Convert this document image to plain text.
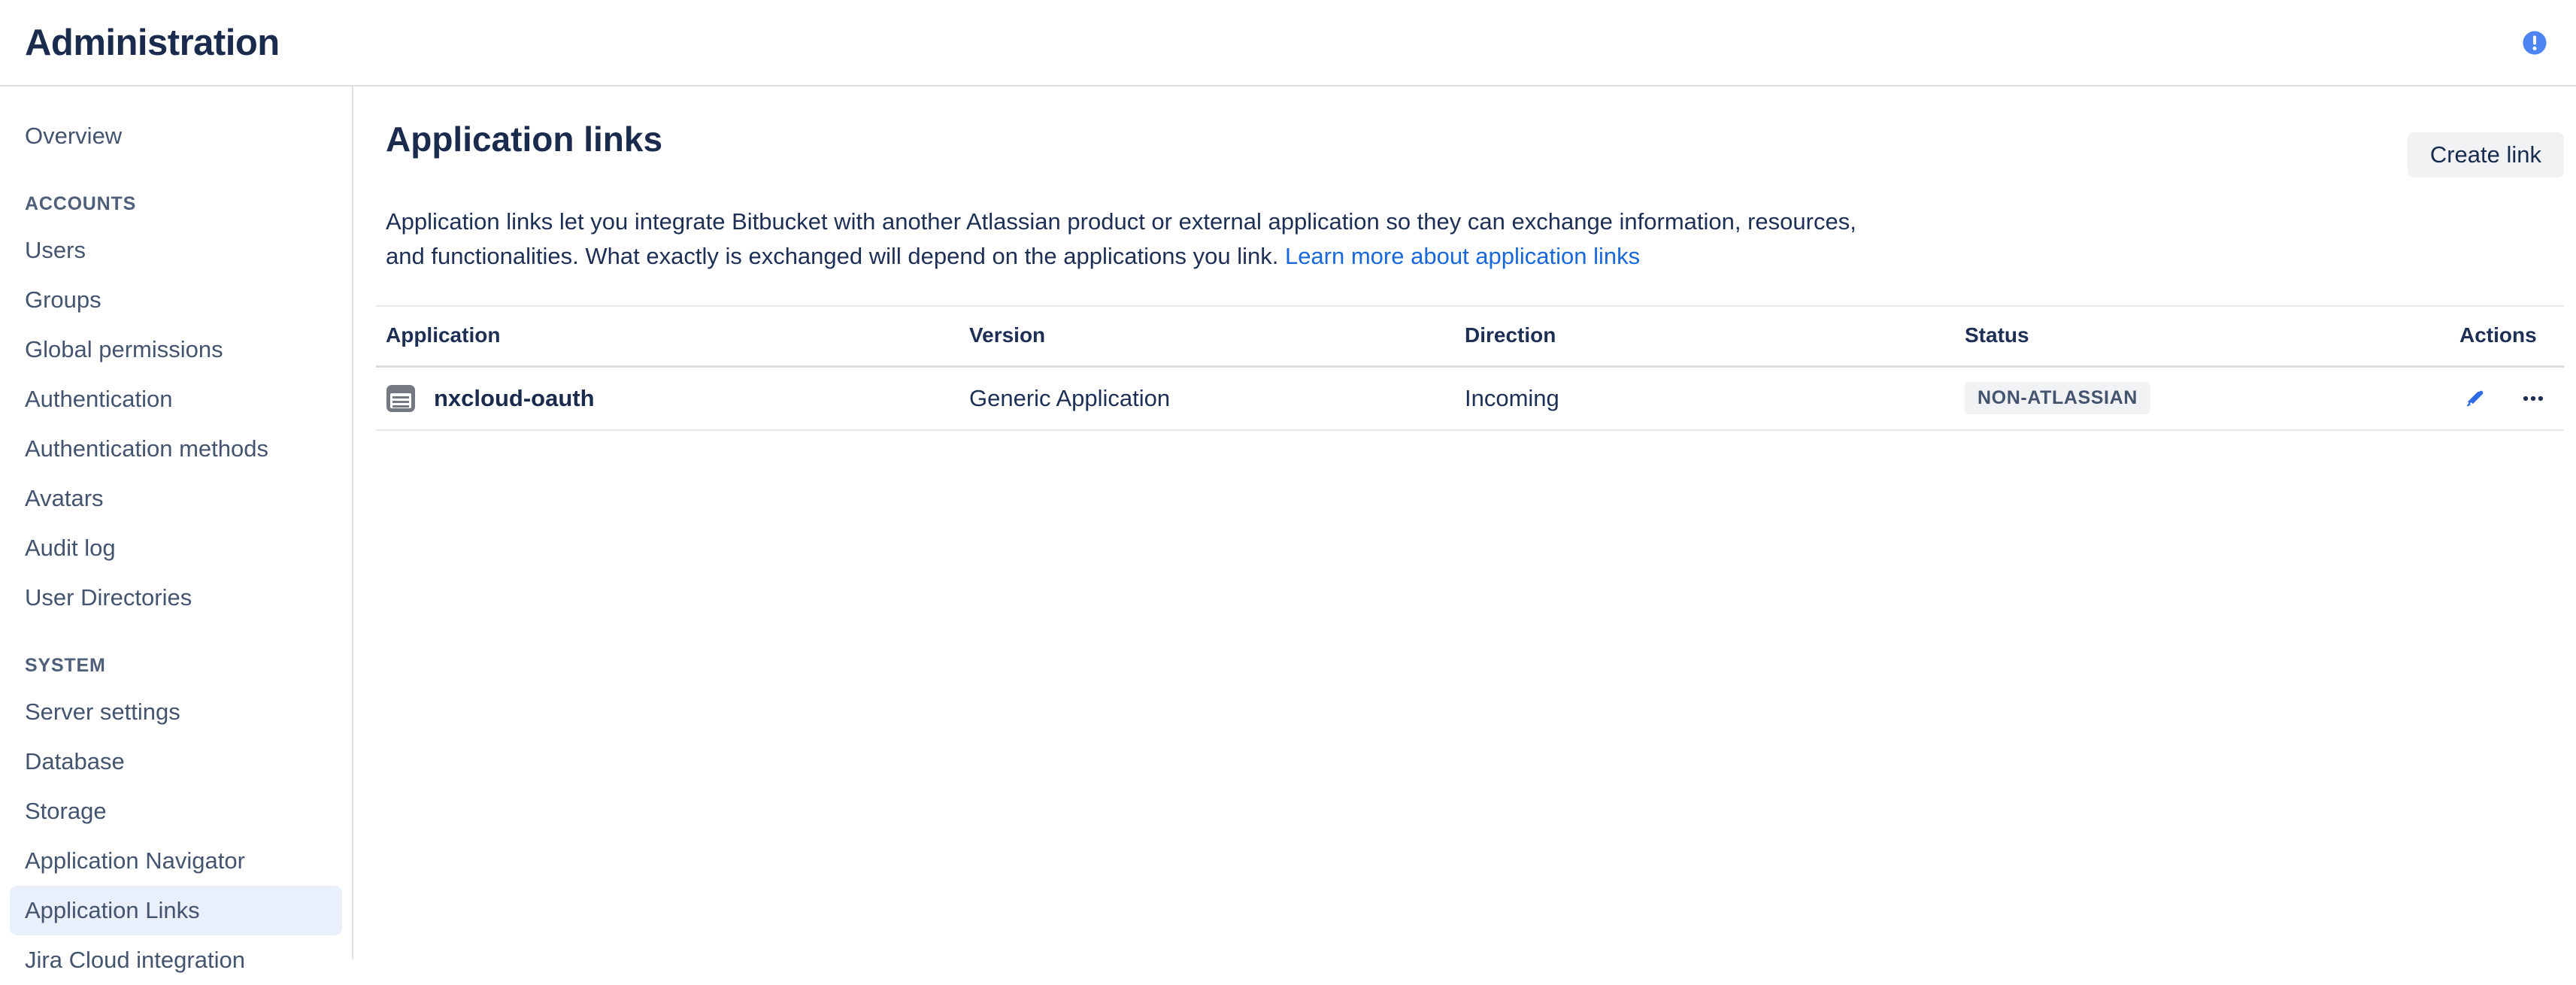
Administration
Overview
ACCOUNTS
Users
Groups
Global permissions
Authentication
Authentication methods
Avatars
Audit log
User Directories
SYSTEM
Server settings
Database
Storage
Application Navigator
Application Links
Jira Cloud integration
Application links	Create link

Application links let you integrate Bitbucket with another Atlassian product or external application so they can exchange information, resources,
and functionalities. What exactly is exchanged will depend on the applications you link. Learn more about application links

Application	Version	Direction	Status	Actions

nxcloud-oauth	Generic Application	Incoming	NON-ATLASSIAN	
